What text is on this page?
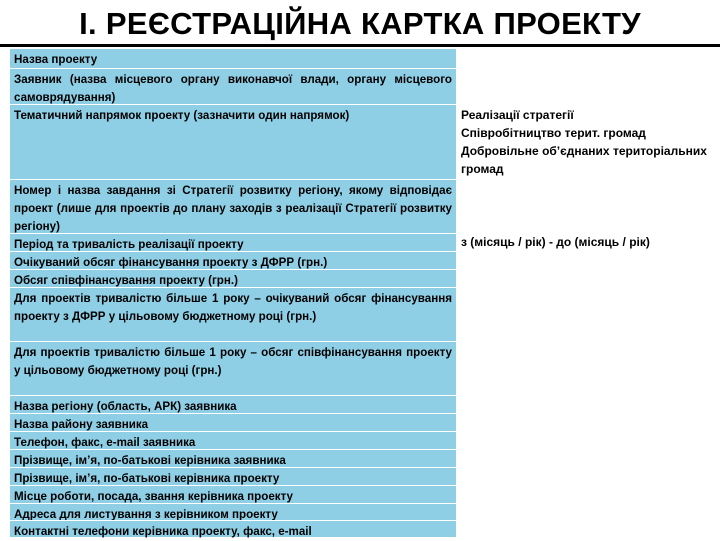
І. РЕЄСТРАЦІЙНА КАРТКА ПРОЕКТУ
Назва проекту
Заявник (назва місцевого органу виконавчої влади, органу місцевого самоврядування)
Тематичний напрямок проекту (зазначити один напрямок)
Номер і назва завдання зі Стратегії розвитку регіону, якому відповідає проект (лише для проектів до плану заходів з реалізації Стратегії розвитку регіону)
Період та тривалість реалізації проекту
Очікуваний обсяг фінансування проекту з ДФРР (грн.)
Обсяг співфінансування проекту (грн.)
Для проектів тривалістю більше 1 року – очікуваний обсяг фінансування проекту з ДФРР у цільовому бюджетному році (грн.)
Для проектів тривалістю більше 1 року – обсяг співфінансування проекту у цільовому бюджетному році (грн.)
Назва регіону (область, АРК) заявника
Назва району заявника
Телефон, факс, e-mail заявника
Прізвище, ім’я, по-батькові керівника заявника
Прізвище, ім’я, по-батькові керівника проекту
Місце роботи, посада, звання керівника проекту
Адреса для листування з керівником проекту
Контактні телефони керівника проекту, факс, e-mail
Реалізації стратегії
Співробітництво терит. громад
Добровільне об’єднаних територіальних громад
з (місяць / рік) - до (місяць / рік)
